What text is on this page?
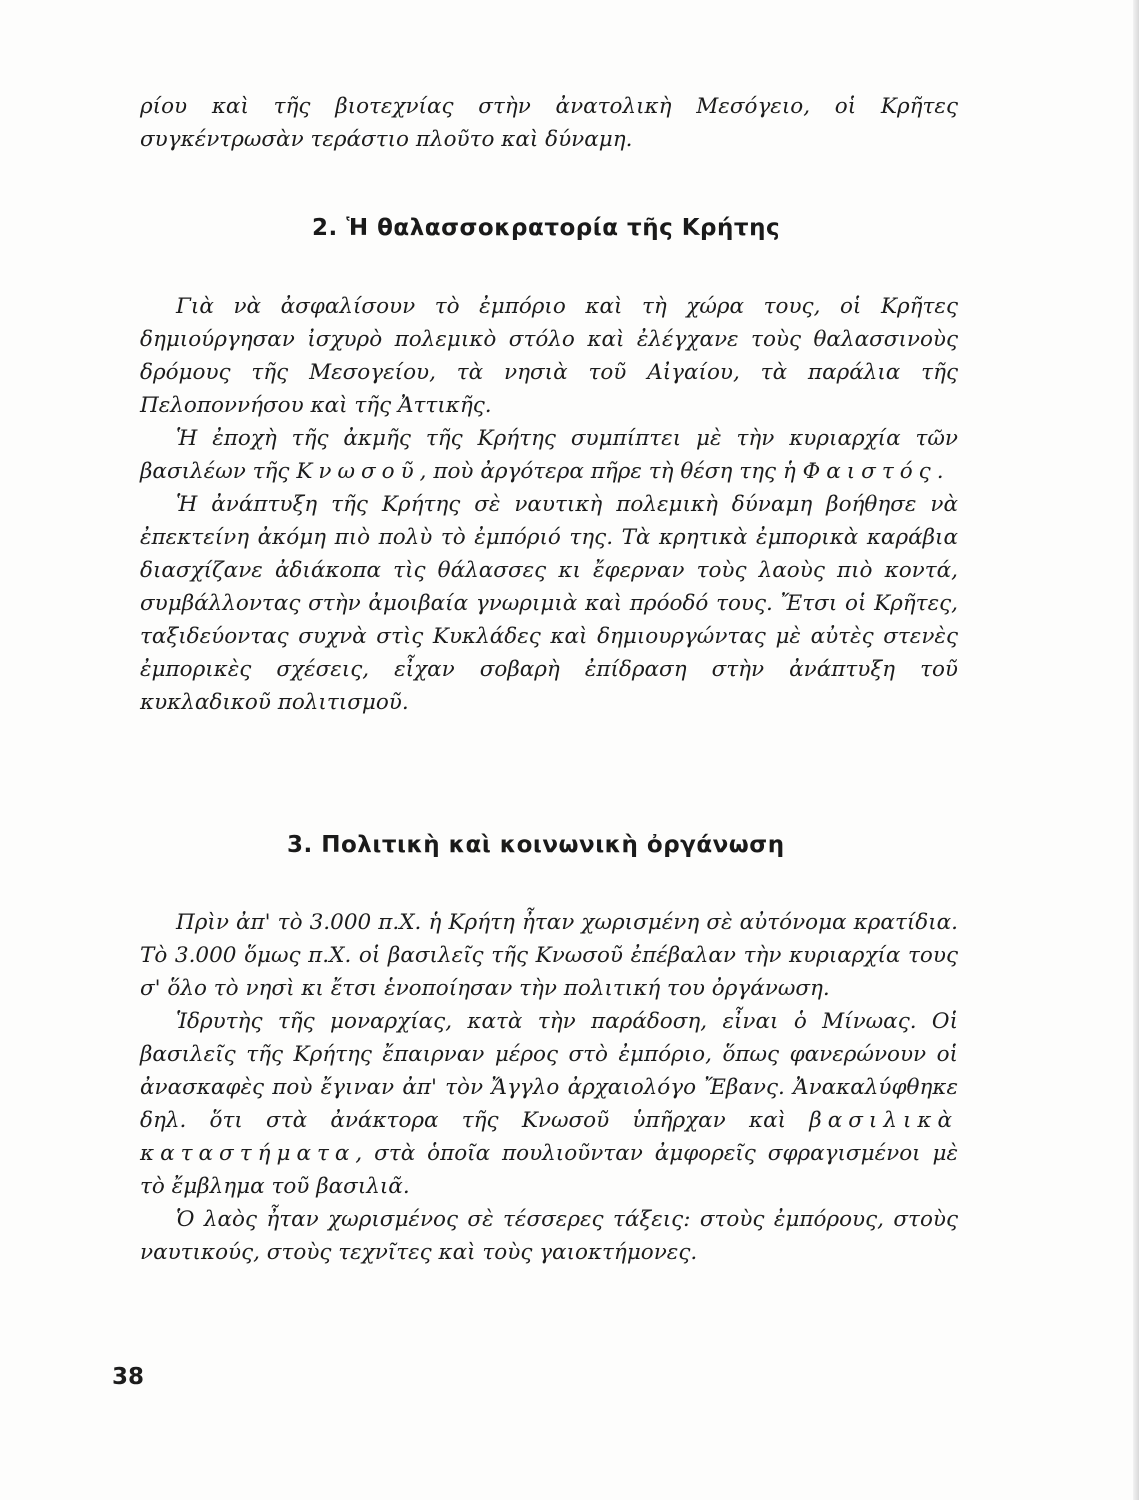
ρίου καὶ τῆς βιοτεχνίας στὴν ἀνατολικὴ Μεσόγειο, οἱ Κρῆτες συγκέντρωσὰν τεράστιο πλοῦτο καὶ δύναμη.

2. Ἡ θαλασσοκρατορία τῆς Κρήτης

Γιὰ νὰ ἀσφαλίσουν τὸ ἐμπόριο καὶ τὴ χώρα τους, οἱ Κρῆτες δημιούργησαν ἰσχυρὸ πολεμικὸ στόλο καὶ ἐλέγχανε τοὺς θαλασσινοὺς δρόμους τῆς Μεσογείου, τὰ νησιὰ τοῦ Αἰγαίου, τὰ παράλια τῆς Πελοποννήσου καὶ τῆς Ἀττικῆς.

Ἡ ἐποχὴ τῆς ἀκμῆς τῆς Κρήτης συμπίπτει μὲ τὴν κυριαρχία τῶν βασιλέων τῆς Κνωσοῦ, ποὺ ἀργότερα πῆρε τὴ θέση της ἡ Φαιστός.

Ἡ ἀνάπτυξη τῆς Κρήτης σὲ ναυτικὴ πολεμικὴ δύναμη βοήθησε νὰ ἐπεκτείνη ἀκόμη πιὸ πολὺ τὸ ἐμπόριό της. Τὰ κρητικὰ ἐμπορικὰ καράβια διασχίζανε ἀδιάκοπα τὶς θάλασσες κι ἔφερναν τοὺς λαοὺς πιὸ κοντά, συμβάλλοντας στὴν ἀμοιβαία γνωριμιὰ καὶ πρόοδό τους. Ἔτσι οἱ Κρῆτες, ταξιδεύοντας συχνὰ στὶς Κυκλάδες καὶ δημιουργώντας μὲ αὐτὲς στενὲς ἐμπορικὲς σχέσεις, εἶχαν σοβαρὴ ἐπίδραση στὴν ἀνάπτυξη τοῦ κυκλαδικοῦ πολιτισμοῦ.

3. Πολιτικὴ καὶ κοινωνικὴ ὀργάνωση

Πρὶν ἀπ' τὸ 3.000 π.Χ. ἡ Κρήτη ἦταν χωρισμένη σὲ αὐτόνομα κρατίδια. Τὸ 3.000 ὅμως π.Χ. οἱ βασιλεῖς τῆς Κνωσοῦ ἐπέβαλαν τὴν κυριαρχία τους σ' ὅλο τὸ νησὶ κι ἔτσι ἑνοποίησαν τὴν πολιτική του ὀργάνωση.

Ἱδρυτὴς τῆς μοναρχίας, κατὰ τὴν παράδοση, εἶναι ὁ Μίνωας. Οἱ βασιλεῖς τῆς Κρήτης ἔπαιρναν μέρος στὸ ἐμπόριο, ὅπως φανερώνουν οἱ ἀνασκαφὲς ποὺ ἔγιναν ἀπ' τὸν Ἄγγλο ἀρχαιολόγο Ἔβανς. Ἀνακαλύφθηκε δηλ. ὅτι στὰ ἀνάκτορα τῆς Κνωσοῦ ὑπῆρχαν καὶ βασιλικὰ καταστήματα, στὰ ὁποῖα πουλιοῦνταν ἀμφορεῖς σφραγισμένοι μὲ τὸ ἔμβλημα τοῦ βασιλιᾶ.

Ὁ λαὸς ἦταν χωρισμένος σὲ τέσσερες τάξεις: στοὺς ἐμπόρους, στοὺς ναυτικούς, στοὺς τεχνῖτες καὶ τοὺς γαιοκτήμονες.

38
